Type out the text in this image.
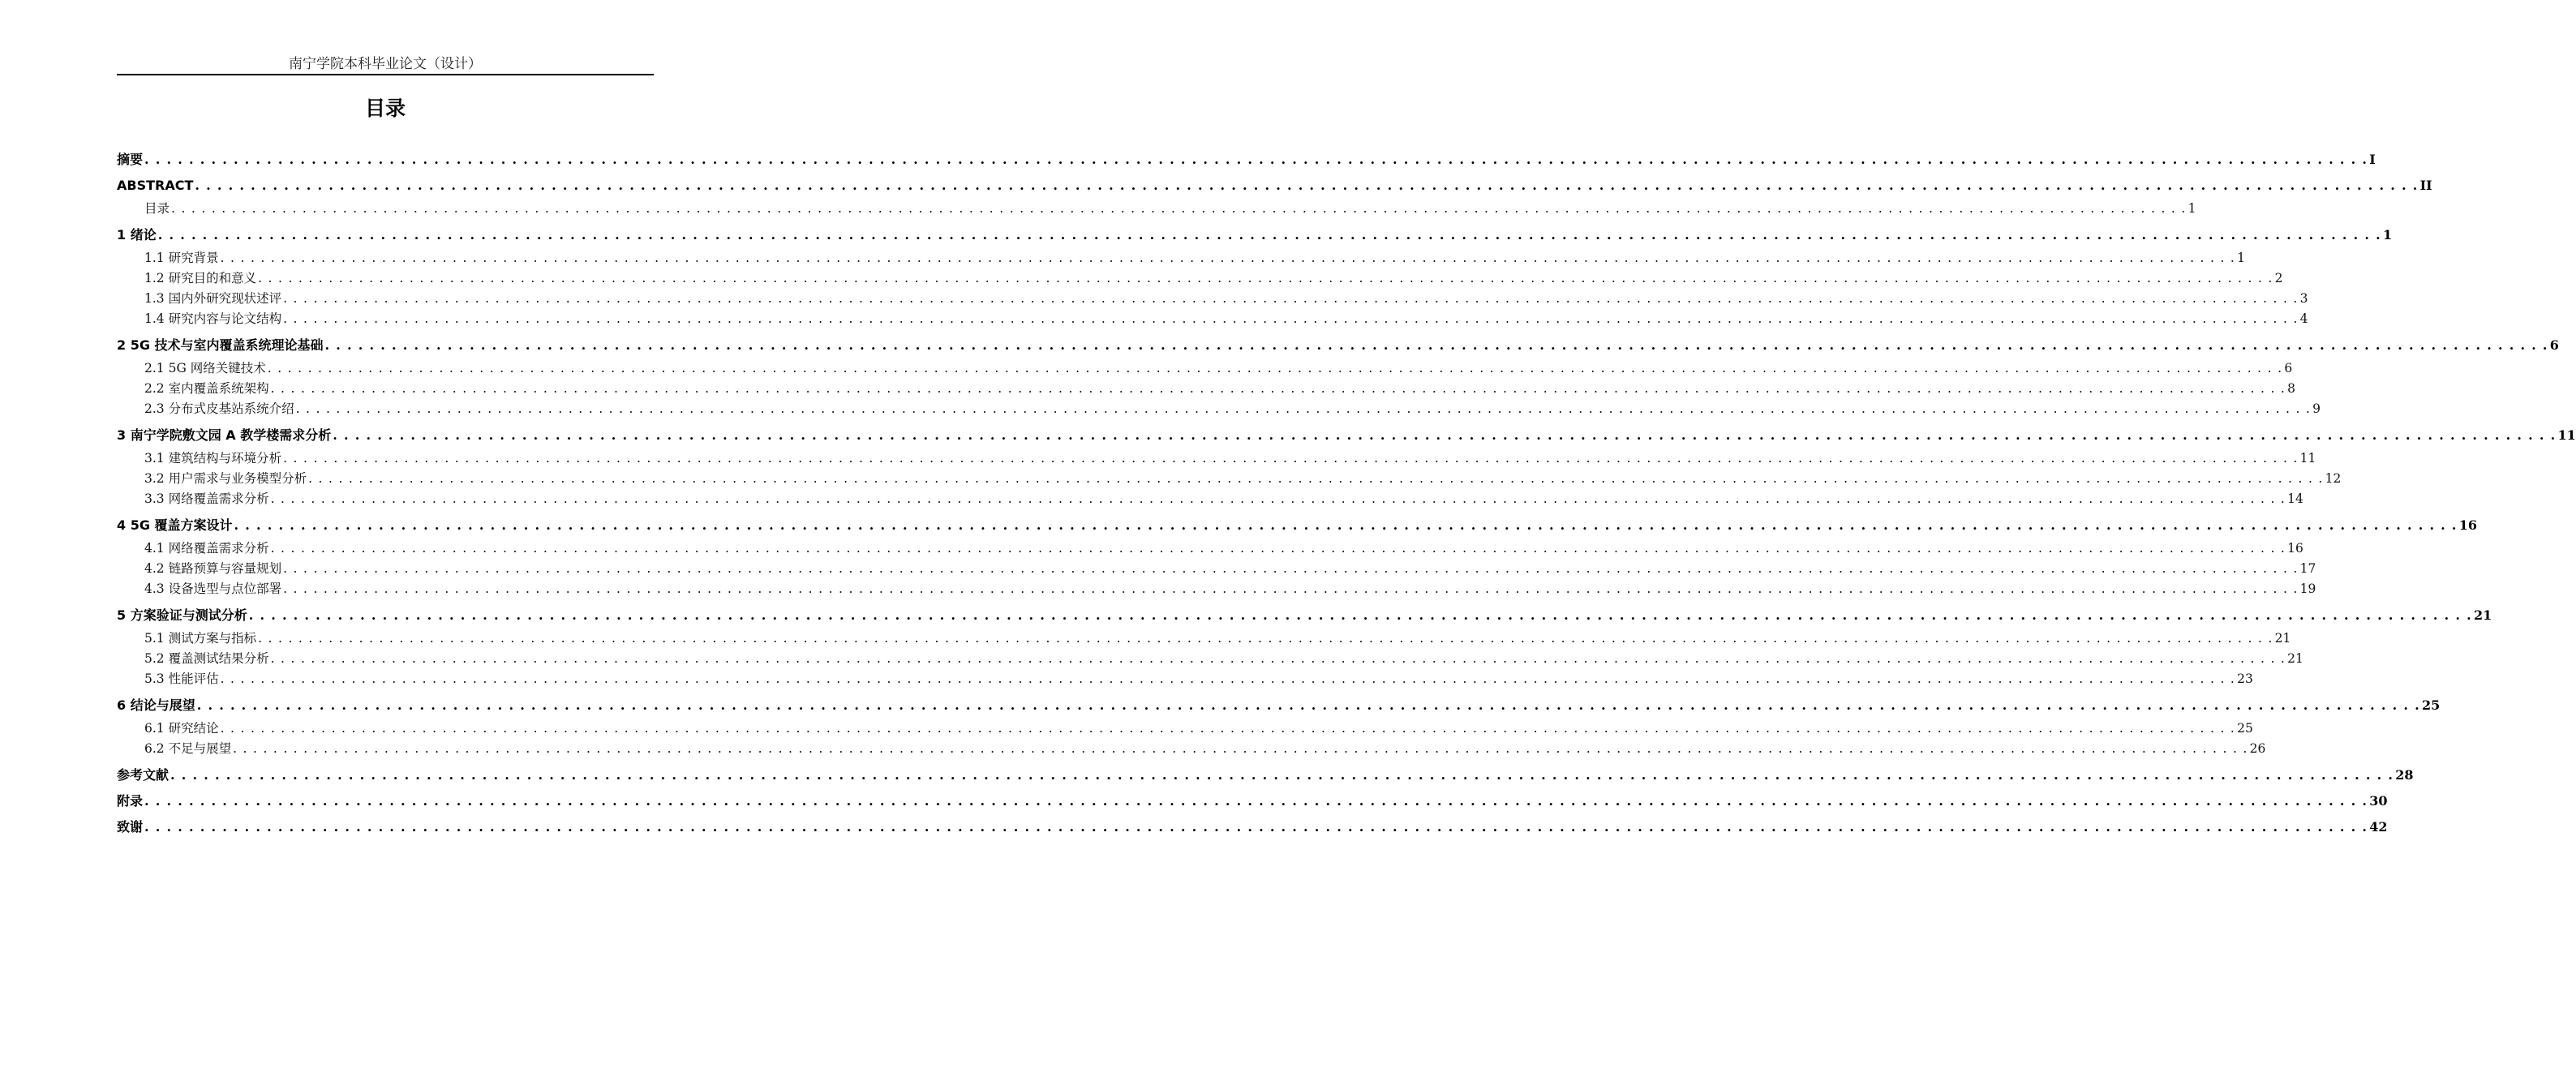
南宁学院本科毕业论文（设计）
目录
摘要 . . . . . . . . . . . . . . . . . . . . . . . . . . . . . . . . . . . . . . . . . . . . . . . . . . . . . . . . . . . . . . . . . . . . . . . . . . . . . . . . . . . . . . . . . . . . . . . . . . . . . . . . . . . . . . . . . . . . . . . . . . . . . . . . . . . . . . . . . . . . . . . . . . . . . . . . . . . . . . . . . . . . . . . . . . . . . . . . . . . . . . . . . . . . . . . . . . . . . . . . I
ABSTRACT . . . . . . . . . . . . . . . . . . . . . . . . . . . . . . . . . . . . . . . . . . . . . . . . . . . . . . . . . . . . . . . . . . . . . . . . . . . . . . . . . . . . . . . . . . . . . . . . . . . . . . . . . . . . . . . . . . . . . . . . . . . . . . . . . . . . . . . . . . . . . . . . . . . . . . . . . . . . . . . . . . . . . . . . . . . . . . . . . . . . . . . . . . . . . . . . . . . . . . . . II
目录 . . . . . . . . . . . . . . . . . . . . . . . . . . . . . . . . . . . . . . . . . . . . . . . . . . . . . . . . . . . . . . . . . . . . . . . . . . . . . . . . . . . . . . . . . . . . . . . . . . . . . . . . . . . . . . . . . . . . . . . . . . . . . . . . . . . . . . . . . . . . . . . . . . . . . . . . . . . . . . . . . . . . . . . . . . . . . . . . . . . . . . . . . . . . . . . . . . . . . . . . 1
1 绪论 . . . . . . . . . . . . . . . . . . . . . . . . . . . . . . . . . . . . . . . . . . . . . . . . . . . . . . . . . . . . . . . . . . . . . . . . . . . . . . . . . . . . . . . . . . . . . . . . . . . . . . . . . . . . . . . . . . . . . . . . . . . . . . . . . . . . . . . . . . . . . . . . . . . . . . . . . . . . . . . . . . . . . . . . . . . . . . . . . . . . . . . . . . . . . . . . . . . . . . . . 1
1.1 研究背景 . . . . . . . . . . . . . . . . . . . . . . . . . . . . . . . . . . . . . . . . . . . . . . . . . . . . . . . . . . . . . . . . . . . . . . . . . . . . . . . . . . . . . . . . . . . . . . . . . . . . . . . . . . . . . . . . . . . . . . . . . . . . . . . . . . . . . . . . . . . . . . . . . . . . . . . . . . . . . . . . . . . . . . . . . . . . . . . . . . . . . . . . . . . . . . . . . . . . . . . . 1
1.2 研究目的和意义 . . . . . . . . . . . . . . . . . . . . . . . . . . . . . . . . . . . . . . . . . . . . . . . . . . . . . . . . . . . . . . . . . . . . . . . . . . . . . . . . . . . . . . . . . . . . . . . . . . . . . . . . . . . . . . . . . . . . . . . . . . . . . . . . . . . . . . . . . . . . . . . . . . . . . . . . . . . . . . . . . . . . . . . . . . . . . . . . . . . . . . . . . . . . . . . . . . . . . . . . 2
1.3 国内外研究现状述评 . . . . . . . . . . . . . . . . . . . . . . . . . . . . . . . . . . . . . . . . . . . . . . . . . . . . . . . . . . . . . . . . . . . . . . . . . . . . . . . . . . . . . . . . . . . . . . . . . . . . . . . . . . . . . . . . . . . . . . . . . . . . . . . . . . . . . . . . . . . . . . . . . . . . . . . . . . . . . . . . . . . . . . . . . . . . . . . . . . . . . . . . . . . . . . . . . . . . . . . . 3
1.4 研究内容与论文结构 . . . . . . . . . . . . . . . . . . . . . . . . . . . . . . . . . . . . . . . . . . . . . . . . . . . . . . . . . . . . . . . . . . . . . . . . . . . . . . . . . . . . . . . . . . . . . . . . . . . . . . . . . . . . . . . . . . . . . . . . . . . . . . . . . . . . . . . . . . . . . . . . . . . . . . . . . . . . . . . . . . . . . . . . . . . . . . . . . . . . . . . . . . . . . . . . . . . . . . . . 4
2 5G 技术与室内覆盖系统理论基础 . . . . . . . . . . . . . . . . . . . . . . . . . . . . . . . . . . . . . . . . . . . . . . . . . . . . . . . . . . . . . . . . . . . . . . . . . . . . . . . . . . . . . . . . . . . . . . . . . . . . . . . . . . . . . . . . . . . . . . . . . . . . . . . . . . . . . . . . . . . . . . . . . . . . . . . . . . . . . . . . . . . . . . . . . . . . . . . . . . . . . . . . . . . . . . . . . . . . . . . . 6
2.1 5G 网络关键技术 . . . . . . . . . . . . . . . . . . . . . . . . . . . . . . . . . . . . . . . . . . . . . . . . . . . . . . . . . . . . . . . . . . . . . . . . . . . . . . . . . . . . . . . . . . . . . . . . . . . . . . . . . . . . . . . . . . . . . . . . . . . . . . . . . . . . . . . . . . . . . . . . . . . . . . . . . . . . . . . . . . . . . . . . . . . . . . . . . . . . . . . . . . . . . . . . . . . . . . . . 6
2.2 室内覆盖系统架构 . . . . . . . . . . . . . . . . . . . . . . . . . . . . . . . . . . . . . . . . . . . . . . . . . . . . . . . . . . . . . . . . . . . . . . . . . . . . . . . . . . . . . . . . . . . . . . . . . . . . . . . . . . . . . . . . . . . . . . . . . . . . . . . . . . . . . . . . . . . . . . . . . . . . . . . . . . . . . . . . . . . . . . . . . . . . . . . . . . . . . . . . . . . . . . . . . . . . . . . . 8
2.3 分布式皮基站系统介绍 . . . . . . . . . . . . . . . . . . . . . . . . . . . . . . . . . . . . . . . . . . . . . . . . . . . . . . . . . . . . . . . . . . . . . . . . . . . . . . . . . . . . . . . . . . . . . . . . . . . . . . . . . . . . . . . . . . . . . . . . . . . . . . . . . . . . . . . . . . . . . . . . . . . . . . . . . . . . . . . . . . . . . . . . . . . . . . . . . . . . . . . . . . . . . . . . . . . . . . . . 9
3 南宁学院敷文园 A 教学楼需求分析 . . . . . . . . . . . . . . . . . . . . . . . . . . . . . . . . . . . . . . . . . . . . . . . . . . . . . . . . . . . . . . . . . . . . . . . . . . . . . . . . . . . . . . . . . . . . . . . . . . . . . . . . . . . . . . . . . . . . . . . . . . . . . . . . . . . . . . . . . . . . . . . . . . . . . . . . . . . . . . . . . . . . . . . . . . . . . . . . . . . . . . . . . . . . . . . . . . . . . . . . 11
3.1 建筑结构与环境分析 . . . . . . . . . . . . . . . . . . . . . . . . . . . . . . . . . . . . . . . . . . . . . . . . . . . . . . . . . . . . . . . . . . . . . . . . . . . . . . . . . . . . . . . . . . . . . . . . . . . . . . . . . . . . . . . . . . . . . . . . . . . . . . . . . . . . . . . . . . . . . . . . . . . . . . . . . . . . . . . . . . . . . . . . . . . . . . . . . . . . . . . . . . . . . . . . . . . . . . . . 11
3.2 用户需求与业务模型分析 . . . . . . . . . . . . . . . . . . . . . . . . . . . . . . . . . . . . . . . . . . . . . . . . . . . . . . . . . . . . . . . . . . . . . . . . . . . . . . . . . . . . . . . . . . . . . . . . . . . . . . . . . . . . . . . . . . . . . . . . . . . . . . . . . . . . . . . . . . . . . . . . . . . . . . . . . . . . . . . . . . . . . . . . . . . . . . . . . . . . . . . . . . . . . . . . . . . . . . . . 12
3.3 网络覆盖需求分析 . . . . . . . . . . . . . . . . . . . . . . . . . . . . . . . . . . . . . . . . . . . . . . . . . . . . . . . . . . . . . . . . . . . . . . . . . . . . . . . . . . . . . . . . . . . . . . . . . . . . . . . . . . . . . . . . . . . . . . . . . . . . . . . . . . . . . . . . . . . . . . . . . . . . . . . . . . . . . . . . . . . . . . . . . . . . . . . . . . . . . . . . . . . . . . . . . . . . . . . . 14
4 5G 覆盖方案设计 . . . . . . . . . . . . . . . . . . . . . . . . . . . . . . . . . . . . . . . . . . . . . . . . . . . . . . . . . . . . . . . . . . . . . . . . . . . . . . . . . . . . . . . . . . . . . . . . . . . . . . . . . . . . . . . . . . . . . . . . . . . . . . . . . . . . . . . . . . . . . . . . . . . . . . . . . . . . . . . . . . . . . . . . . . . . . . . . . . . . . . . . . . . . . . . . . . . . . . . . 16
4.1 网络覆盖需求分析 . . . . . . . . . . . . . . . . . . . . . . . . . . . . . . . . . . . . . . . . . . . . . . . . . . . . . . . . . . . . . . . . . . . . . . . . . . . . . . . . . . . . . . . . . . . . . . . . . . . . . . . . . . . . . . . . . . . . . . . . . . . . . . . . . . . . . . . . . . . . . . . . . . . . . . . . . . . . . . . . . . . . . . . . . . . . . . . . . . . . . . . . . . . . . . . . . . . . . . . . 16
4.2 链路预算与容量规划 . . . . . . . . . . . . . . . . . . . . . . . . . . . . . . . . . . . . . . . . . . . . . . . . . . . . . . . . . . . . . . . . . . . . . . . . . . . . . . . . . . . . . . . . . . . . . . . . . . . . . . . . . . . . . . . . . . . . . . . . . . . . . . . . . . . . . . . . . . . . . . . . . . . . . . . . . . . . . . . . . . . . . . . . . . . . . . . . . . . . . . . . . . . . . . . . . . . . . . . . 17
4.3 设备选型与点位部署 . . . . . . . . . . . . . . . . . . . . . . . . . . . . . . . . . . . . . . . . . . . . . . . . . . . . . . . . . . . . . . . . . . . . . . . . . . . . . . . . . . . . . . . . . . . . . . . . . . . . . . . . . . . . . . . . . . . . . . . . . . . . . . . . . . . . . . . . . . . . . . . . . . . . . . . . . . . . . . . . . . . . . . . . . . . . . . . . . . . . . . . . . . . . . . . . . . . . . . . . 19
5 方案验证与测试分析 . . . . . . . . . . . . . . . . . . . . . . . . . . . . . . . . . . . . . . . . . . . . . . . . . . . . . . . . . . . . . . . . . . . . . . . . . . . . . . . . . . . . . . . . . . . . . . . . . . . . . . . . . . . . . . . . . . . . . . . . . . . . . . . . . . . . . . . . . . . . . . . . . . . . . . . . . . . . . . . . . . . . . . . . . . . . . . . . . . . . . . . . . . . . . . . . . . . . . . . . 21
5.1 测试方案与指标 . . . . . . . . . . . . . . . . . . . . . . . . . . . . . . . . . . . . . . . . . . . . . . . . . . . . . . . . . . . . . . . . . . . . . . . . . . . . . . . . . . . . . . . . . . . . . . . . . . . . . . . . . . . . . . . . . . . . . . . . . . . . . . . . . . . . . . . . . . . . . . . . . . . . . . . . . . . . . . . . . . . . . . . . . . . . . . . . . . . . . . . . . . . . . . . . . . . . . . . . 21
5.2 覆盖测试结果分析 . . . . . . . . . . . . . . . . . . . . . . . . . . . . . . . . . . . . . . . . . . . . . . . . . . . . . . . . . . . . . . . . . . . . . . . . . . . . . . . . . . . . . . . . . . . . . . . . . . . . . . . . . . . . . . . . . . . . . . . . . . . . . . . . . . . . . . . . . . . . . . . . . . . . . . . . . . . . . . . . . . . . . . . . . . . . . . . . . . . . . . . . . . . . . . . . . . . . . . . . 21
5.3 性能评估 . . . . . . . . . . . . . . . . . . . . . . . . . . . . . . . . . . . . . . . . . . . . . . . . . . . . . . . . . . . . . . . . . . . . . . . . . . . . . . . . . . . . . . . . . . . . . . . . . . . . . . . . . . . . . . . . . . . . . . . . . . . . . . . . . . . . . . . . . . . . . . . . . . . . . . . . . . . . . . . . . . . . . . . . . . . . . . . . . . . . . . . . . . . . . . . . . . . . . . . . 23
6 结论与展望 . . . . . . . . . . . . . . . . . . . . . . . . . . . . . . . . . . . . . . . . . . . . . . . . . . . . . . . . . . . . . . . . . . . . . . . . . . . . . . . . . . . . . . . . . . . . . . . . . . . . . . . . . . . . . . . . . . . . . . . . . . . . . . . . . . . . . . . . . . . . . . . . . . . . . . . . . . . . . . . . . . . . . . . . . . . . . . . . . . . . . . . . . . . . . . . . . . . . . . . . 25
6.1 研究结论 . . . . . . . . . . . . . . . . . . . . . . . . . . . . . . . . . . . . . . . . . . . . . . . . . . . . . . . . . . . . . . . . . . . . . . . . . . . . . . . . . . . . . . . . . . . . . . . . . . . . . . . . . . . . . . . . . . . . . . . . . . . . . . . . . . . . . . . . . . . . . . . . . . . . . . . . . . . . . . . . . . . . . . . . . . . . . . . . . . . . . . . . . . . . . . . . . . . . . . . . 25
6.2 不足与展望 . . . . . . . . . . . . . . . . . . . . . . . . . . . . . . . . . . . . . . . . . . . . . . . . . . . . . . . . . . . . . . . . . . . . . . . . . . . . . . . . . . . . . . . . . . . . . . . . . . . . . . . . . . . . . . . . . . . . . . . . . . . . . . . . . . . . . . . . . . . . . . . . . . . . . . . . . . . . . . . . . . . . . . . . . . . . . . . . . . . . . . . . . . . . . . . . . . . . . . . . 26
参考文献 . . . . . . . . . . . . . . . . . . . . . . . . . . . . . . . . . . . . . . . . . . . . . . . . . . . . . . . . . . . . . . . . . . . . . . . . . . . . . . . . . . . . . . . . . . . . . . . . . . . . . . . . . . . . . . . . . . . . . . . . . . . . . . . . . . . . . . . . . . . . . . . . . . . . . . . . . . . . . . . . . . . . . . . . . . . . . . . . . . . . . . . . . . . . . . . . . . . . . . . . 28
附录 . . . . . . . . . . . . . . . . . . . . . . . . . . . . . . . . . . . . . . . . . . . . . . . . . . . . . . . . . . . . . . . . . . . . . . . . . . . . . . . . . . . . . . . . . . . . . . . . . . . . . . . . . . . . . . . . . . . . . . . . . . . . . . . . . . . . . . . . . . . . . . . . . . . . . . . . . . . . . . . . . . . . . . . . . . . . . . . . . . . . . . . . . . . . . . . . . . . . . . . . 30
致谢 . . . . . . . . . . . . . . . . . . . . . . . . . . . . . . . . . . . . . . . . . . . . . . . . . . . . . . . . . . . . . . . . . . . . . . . . . . . . . . . . . . . . . . . . . . . . . . . . . . . . . . . . . . . . . . . . . . . . . . . . . . . . . . . . . . . . . . . . . . . . . . . . . . . . . . . . . . . . . . . . . . . . . . . . . . . . . . . . . . . . . . . . . . . . . . . . . . . . . . . . 42
